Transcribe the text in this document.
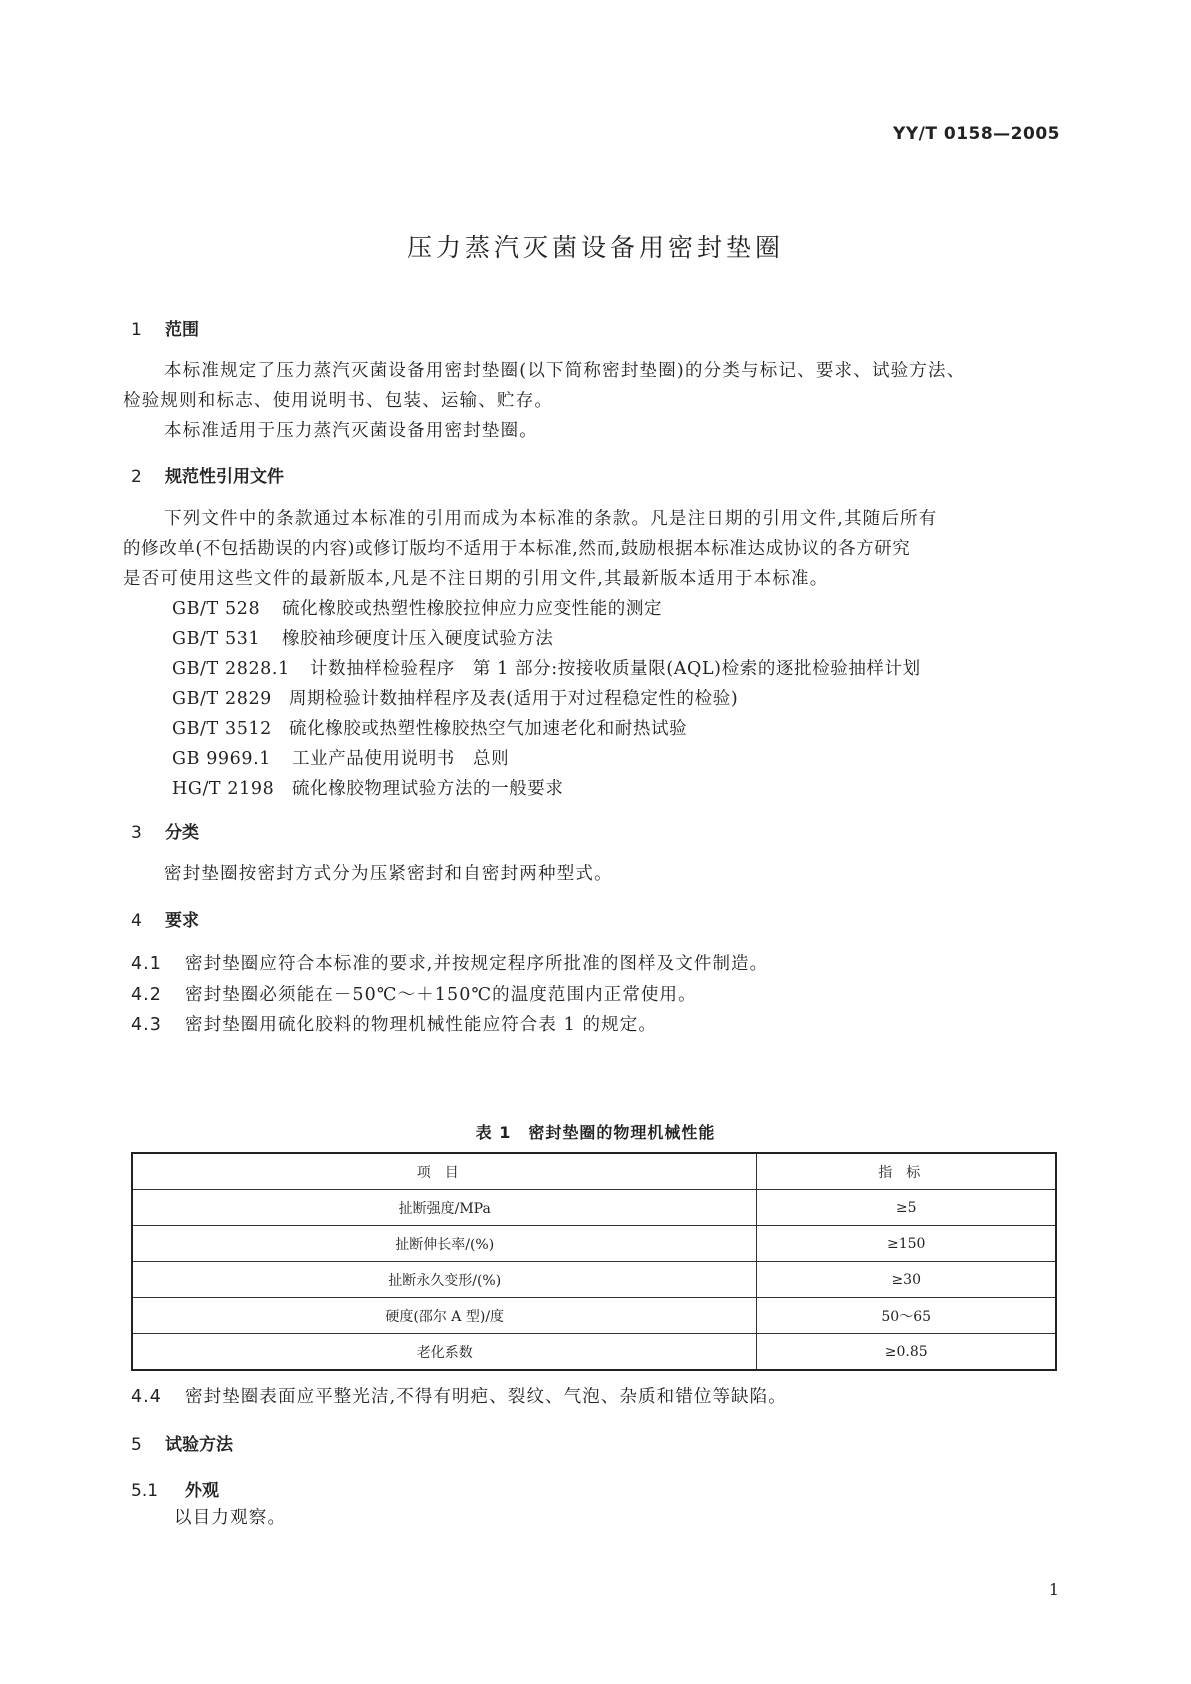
YY/T 0158—2005
压力蒸汽灭菌设备用密封垫圈
1 范围
本标准规定了压力蒸汽灭菌设备用密封垫圈(以下简称密封垫圈)的分类与标记、要求、试验方法、
检验规则和标志、使用说明书、包装、运输、贮存。
本标准适用于压力蒸汽灭菌设备用密封垫圈。
2 规范性引用文件
下列文件中的条款通过本标准的引用而成为本标准的条款。凡是注日期的引用文件,其随后所有
的修改单(不包括勘误的内容)或修订版均不适用于本标准,然而,鼓励根据本标准达成协议的各方研究
是否可使用这些文件的最新版本,凡是不注日期的引用文件,其最新版本适用于本标准。
GB/T 528 硫化橡胶或热塑性橡胶拉伸应力应变性能的测定
GB/T 531 橡胶袖珍硬度计压入硬度试验方法
GB/T 2828.1 计数抽样检验程序　第 1 部分:按接收质量限(AQL)检索的逐批检验抽样计划
GB/T 2829 周期检验计数抽样程序及表(适用于对过程稳定性的检验)
GB/T 3512 硫化橡胶或热塑性橡胶热空气加速老化和耐热试验
GB 9969.1 工业产品使用说明书　总则
HG/T 2198 硫化橡胶物理试验方法的一般要求
3 分类
密封垫圈按密封方式分为压紧密封和自密封两种型式。
4 要求
4.1 密封垫圈应符合本标准的要求,并按规定程序所批准的图样及文件制造。
4.2 密封垫圈必须能在－50℃～＋150℃的温度范围内正常使用。
4.3 密封垫圈用硫化胶料的物理机械性能应符合表 1 的规定。
表 1　密封垫圈的物理机械性能
项目	指标
扯断强度/MPa	≥5
扯断伸长率/(%)	≥150
扯断永久变形/(%)	≥30
硬度(邵尔 A 型)/度	50～65
老化系数	≥0.85
4.4 密封垫圈表面应平整光洁,不得有明疤、裂纹、气泡、杂质和错位等缺陷。
5 试验方法
5.1 外观
以目力观察。
1
